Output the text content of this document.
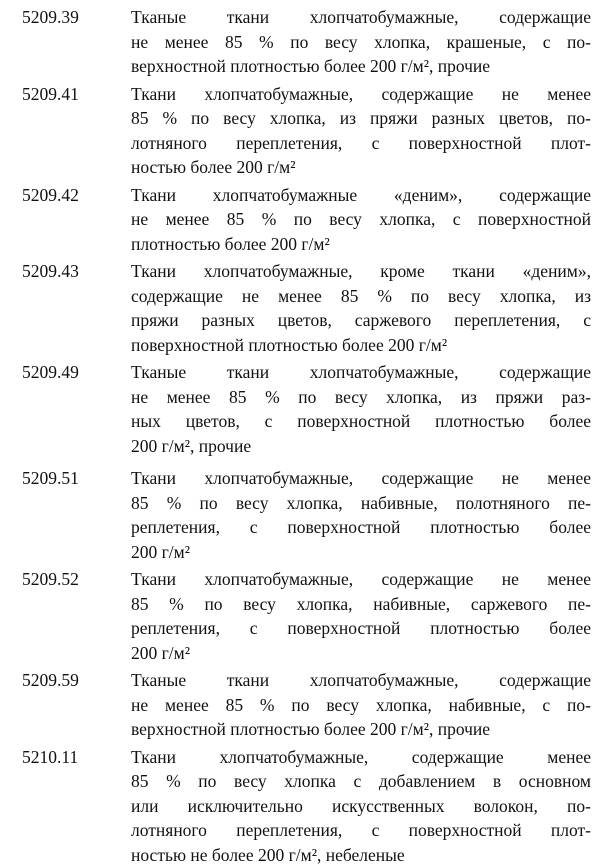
5209.39	Тканые ткани хлопчатобумажные, содержащие
не менее 85 % по весу хлопка, крашеные, с по-
верхностной плотностью более 200 г/м², прочие
5209.41	Ткани хлопчатобумажные, содержащие не менее
85 % по весу хлопка, из пряжи разных цветов, по-
лотняного переплетения, с поверхностной плот-
ностью более 200 г/м²
5209.42	Ткани хлопчатобумажные «деним», содержащие
не менее 85 % по весу хлопка, с поверхностной
плотностью более 200 г/м²
5209.43	Ткани хлопчатобумажные, кроме ткани «деним»,
содержащие не менее 85 % по весу хлопка, из
пряжи разных цветов, саржевого переплетения, с
поверхностной плотностью более 200 г/м²
5209.49	Тканые ткани хлопчатобумажные, содержащие
не менее 85 % по весу хлопка, из пряжи раз-
ных цветов, с поверхностной плотностью более
200 г/м², прочие
5209.51	Ткани хлопчатобумажные, содержащие не менее
85 % по весу хлопка, набивные, полотняного пе-
реплетения, с поверхностной плотностью более
200 г/м²
5209.52	Ткани хлопчатобумажные, содержащие не менее
85 % по весу хлопка, набивные, саржевого пе-
реплетения, с поверхностной плотностью более
200 г/м²
5209.59	Тканые ткани хлопчатобумажные, содержащие
не менее 85 % по весу хлопка, набивные, с по-
верхностной плотностью более 200 г/м², прочие
5210.11	Ткани хлопчатобумажные, содержащие менее
85 % по весу хлопка с добавлением в основном
или исключительно искусственных волокон, по-
лотняного переплетения, с поверхностной плот-
ностью не более 200 г/м², небеленые
